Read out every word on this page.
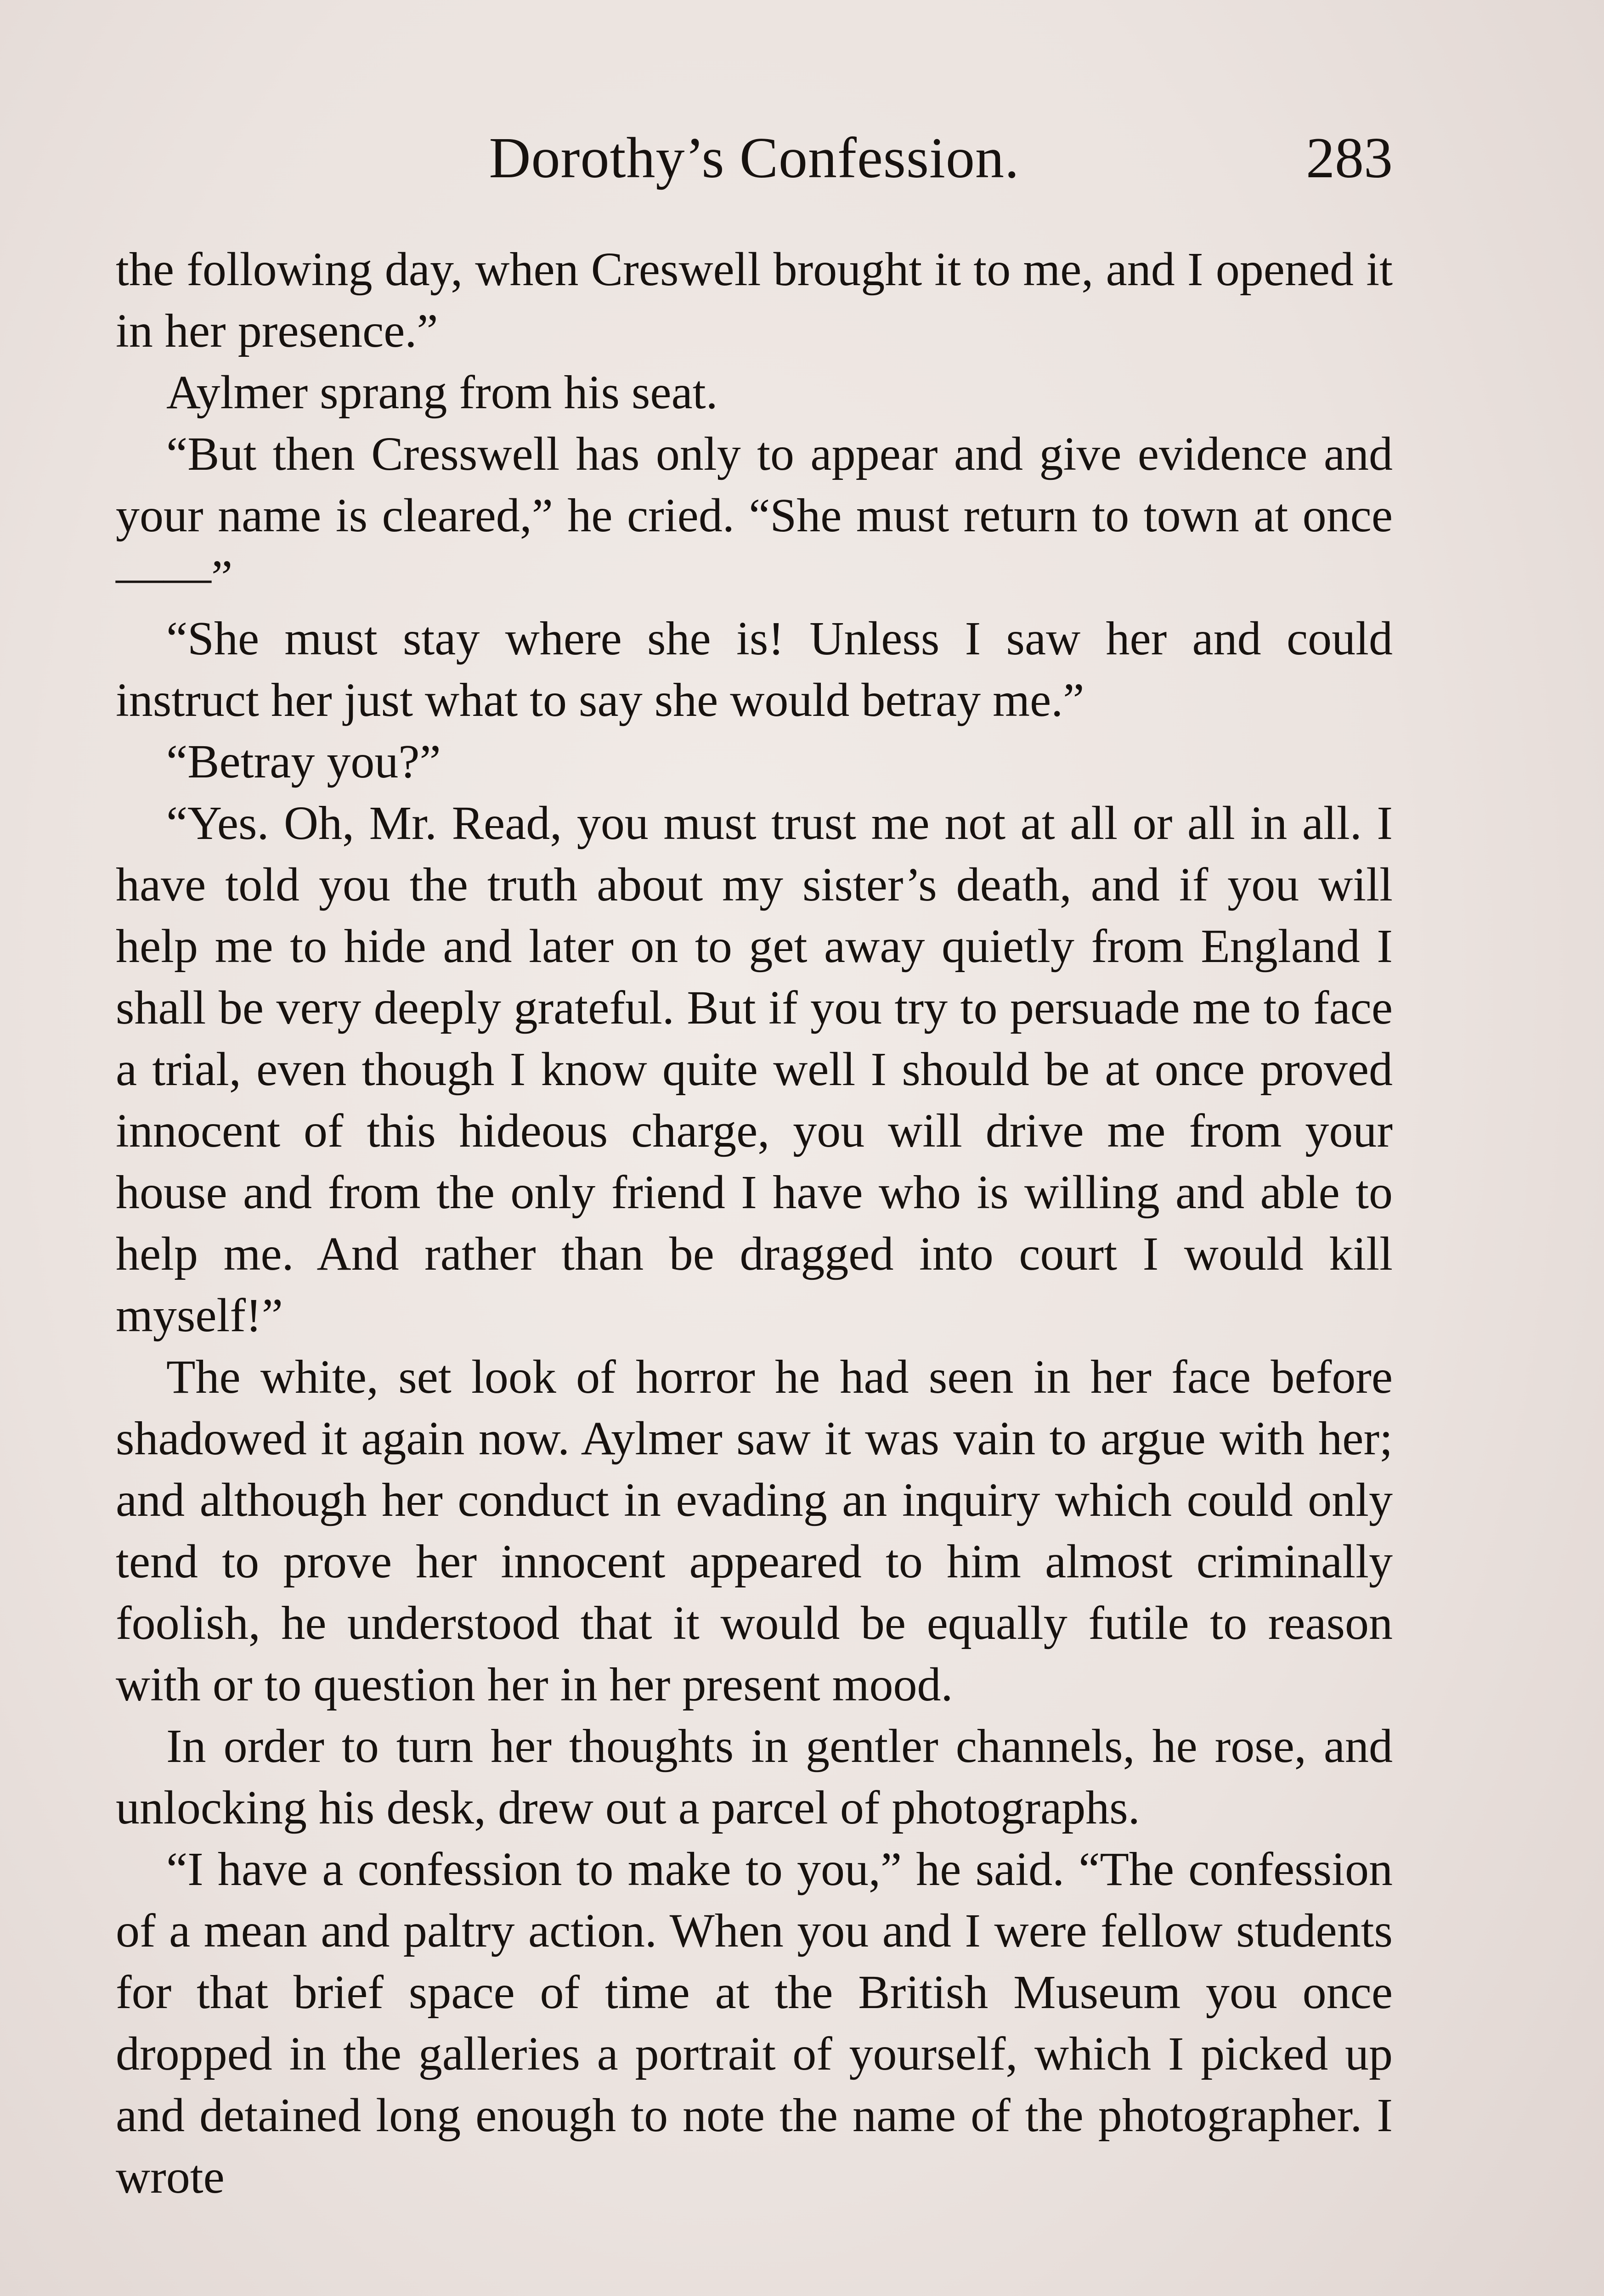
Dorothy’s Confession.	283

the following day, when Creswell brought it to me, and I opened it in her presence.”

Aylmer sprang from his seat.

“But then Cresswell has only to appear and give evidence and your name is cleared,” he cried. “She must return to town at once——”

“She must stay where she is! Unless I saw her and could instruct her just what to say she would betray me.”

“Betray you?”

“Yes. Oh, Mr. Read, you must trust me not at all or all in all. I have told you the truth about my sister’s death, and if you will help me to hide and later on to get away quietly from England I shall be very deeply grateful. But if you try to persuade me to face a trial, even though I know quite well I should be at once proved innocent of this hideous charge, you will drive me from your house and from the only friend I have who is willing and able to help me. And rather than be dragged into court I would kill myself!”

The white, set look of horror he had seen in her face before shadowed it again now. Aylmer saw it was vain to argue with her; and although her conduct in evading an inquiry which could only tend to prove her innocent appeared to him almost criminally foolish, he understood that it would be equally futile to reason with or to question her in her present mood.

In order to turn her thoughts in gentler channels, he rose, and unlocking his desk, drew out a parcel of photographs.

“I have a confession to make to you,” he said. “The confession of a mean and paltry action. When you and I were fellow students for that brief space of time at the British Museum you once dropped in the galleries a portrait of yourself, which I picked up and detained long enough to note the name of the photographer. I wrote
